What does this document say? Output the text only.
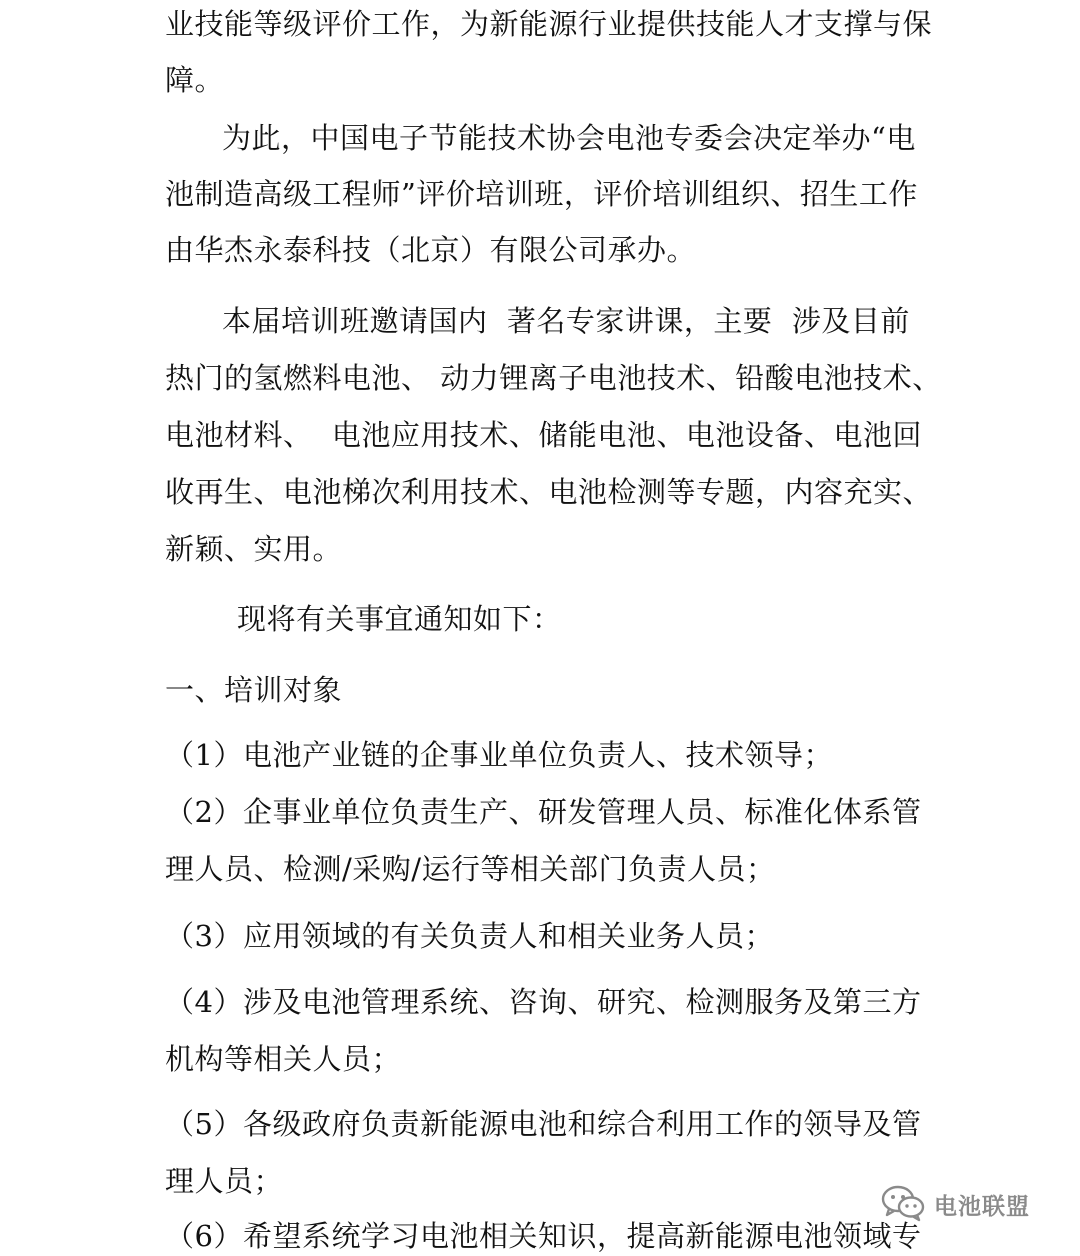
业技能等级评价工作，为新能源行业提供技能人才支撑与保

障。

为此，中国电子节能技术协会电池专委会决定举办“电

池制造高级工程师”评价培训班，评价培训组织、招生工作

由华杰永泰科技（北京）有限公司承办。

本届培训班邀请国内  著名专家讲课，主要  涉及目前

热门的氢燃料电池、 动力锂离子电池技术、铅酸电池技术、

电池材料、  电池应用技术、储能电池、电池设备、电池回

收再生、电池梯次利用技术、电池检测等专题，内容充实、

新颖、实用。

现将有关事宜通知如下：

一、培训对象

（1）电池产业链的企事业单位负责人、技术领导；

（2）企事业单位负责生产、研发管理人员、标准化体系管

理人员、检测/采购/运行等相关部门负责人员；

（3）应用领域的有关负责人和相关业务人员；

（4）涉及电池管理系统、咨询、研究、检测服务及第三方

机构等相关人员；

（5）各级政府负责新能源电池和综合利用工作的领导及管

理人员；

（6）希望系统学习电池相关知识，提高新能源电池领域专

电池联盟
